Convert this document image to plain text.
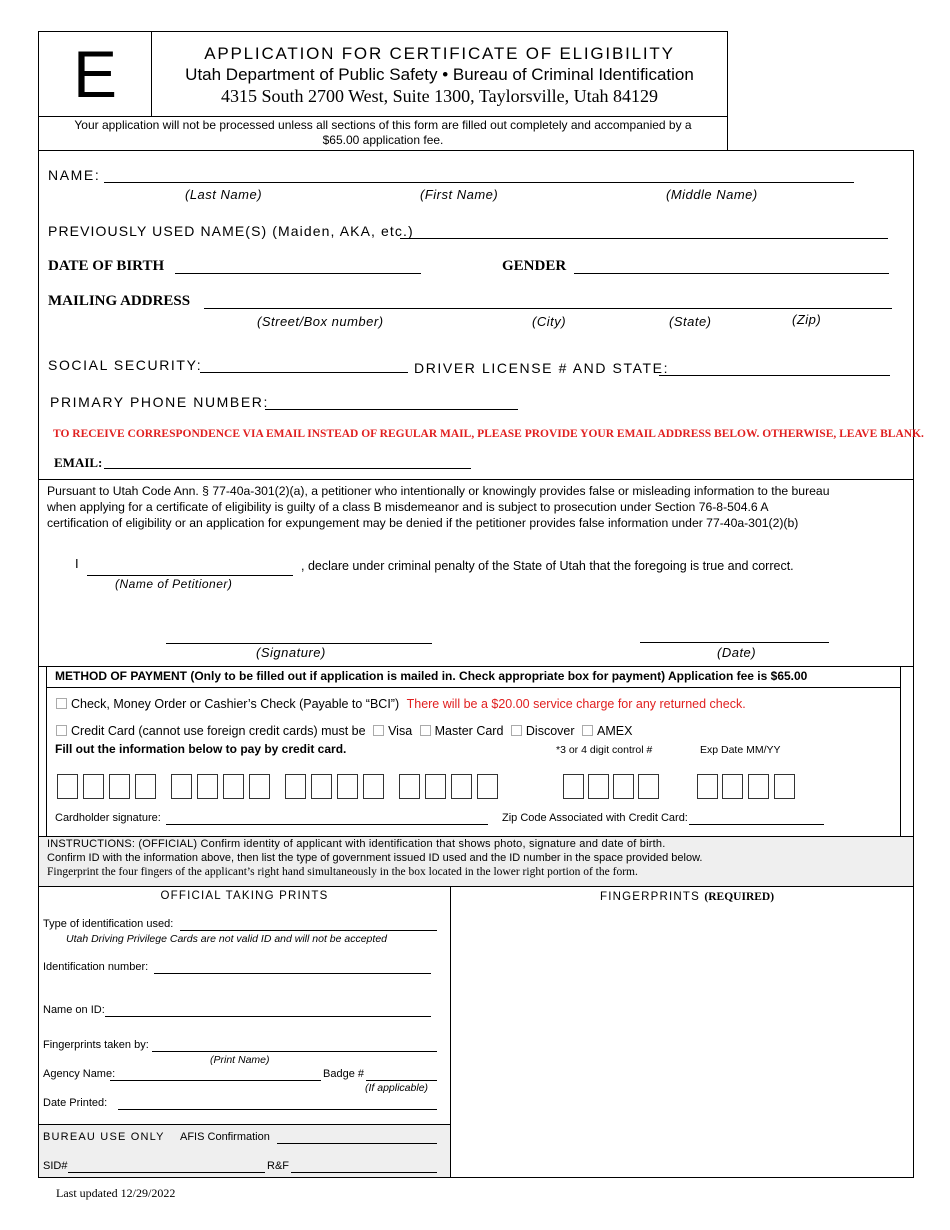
E	APPLICATION FOR CERTIFICATE OF ELIGIBILITY
Utah Department of Public Safety • Bureau of Criminal Identification
4315 South 2700 West, Suite 1300, Taylorsville, Utah 84129
Your application will not be processed unless all sections of this form are filled out completely and accompanied by a $65.00 application fee.
NAME:
(Last Name)	(First Name)	(Middle Name)
PREVIOUSLY USED NAME(S) (Maiden, AKA, etc.)
DATE OF BIRTH	GENDER
MAILING ADDRESS
(Street/Box number)	(City)	(State)	(Zip)
SOCIAL SECURITY:	DRIVER LICENSE # AND STATE:
PRIMARY PHONE NUMBER:
TO RECEIVE CORRESPONDENCE VIA EMAIL INSTEAD OF REGULAR MAIL, PLEASE PROVIDE YOUR EMAIL ADDRESS BELOW. OTHERWISE, LEAVE BLANK.
EMAIL:
Pursuant to Utah Code Ann. § 77-40a-301(2)(a), a petitioner who intentionally or knowingly provides false or misleading information to the bureau
when applying for a certificate of eligibility is guilty of a class B misdemeanor and is subject to prosecution under Section 76-8-504.6 A
certification of eligibility or an application for expungement may be denied if the petitioner provides false information under 77-40a-301(2)(b)
I	, declare under criminal penalty of the State of Utah that the foregoing is true and correct.
(Name of Petitioner)
(Signature)	(Date)
METHOD OF PAYMENT (Only to be filled out if application is mailed in. Check appropriate box for payment) Application fee is $65.00
Check, Money Order or Cashier’s Check (Payable to “BCI”) There will be a $20.00 service charge for any returned check.
Credit Card (cannot use foreign credit cards) must be Visa Master Card Discover AMEX
Fill out the information below to pay by credit card.	*3 or 4 digit control #	Exp Date MM/YY
Cardholder signature:	Zip Code Associated with Credit Card:
INSTRUCTIONS: (OFFICIAL) Confirm identity of applicant with identification that shows photo, signature and date of birth.
Confirm ID with the information above, then list the type of government issued ID used and the ID number in the space provided below.
Fingerprint the four fingers of the applicant’s right hand simultaneously in the box located in the lower right portion of the form.
OFFICIAL TAKING PRINTS
Type of identification used:
Utah Driving Privilege Cards are not valid ID and will not be accepted
Identification number:
Name on ID:
Fingerprints taken by:
(Print Name)
Agency Name:	Badge #
(If applicable)
Date Printed:
BUREAU USE ONLY AFIS Confirmation
SID#	R&F
FINGERPRINTS (REQUIRED)
Last updated 12/29/2022
